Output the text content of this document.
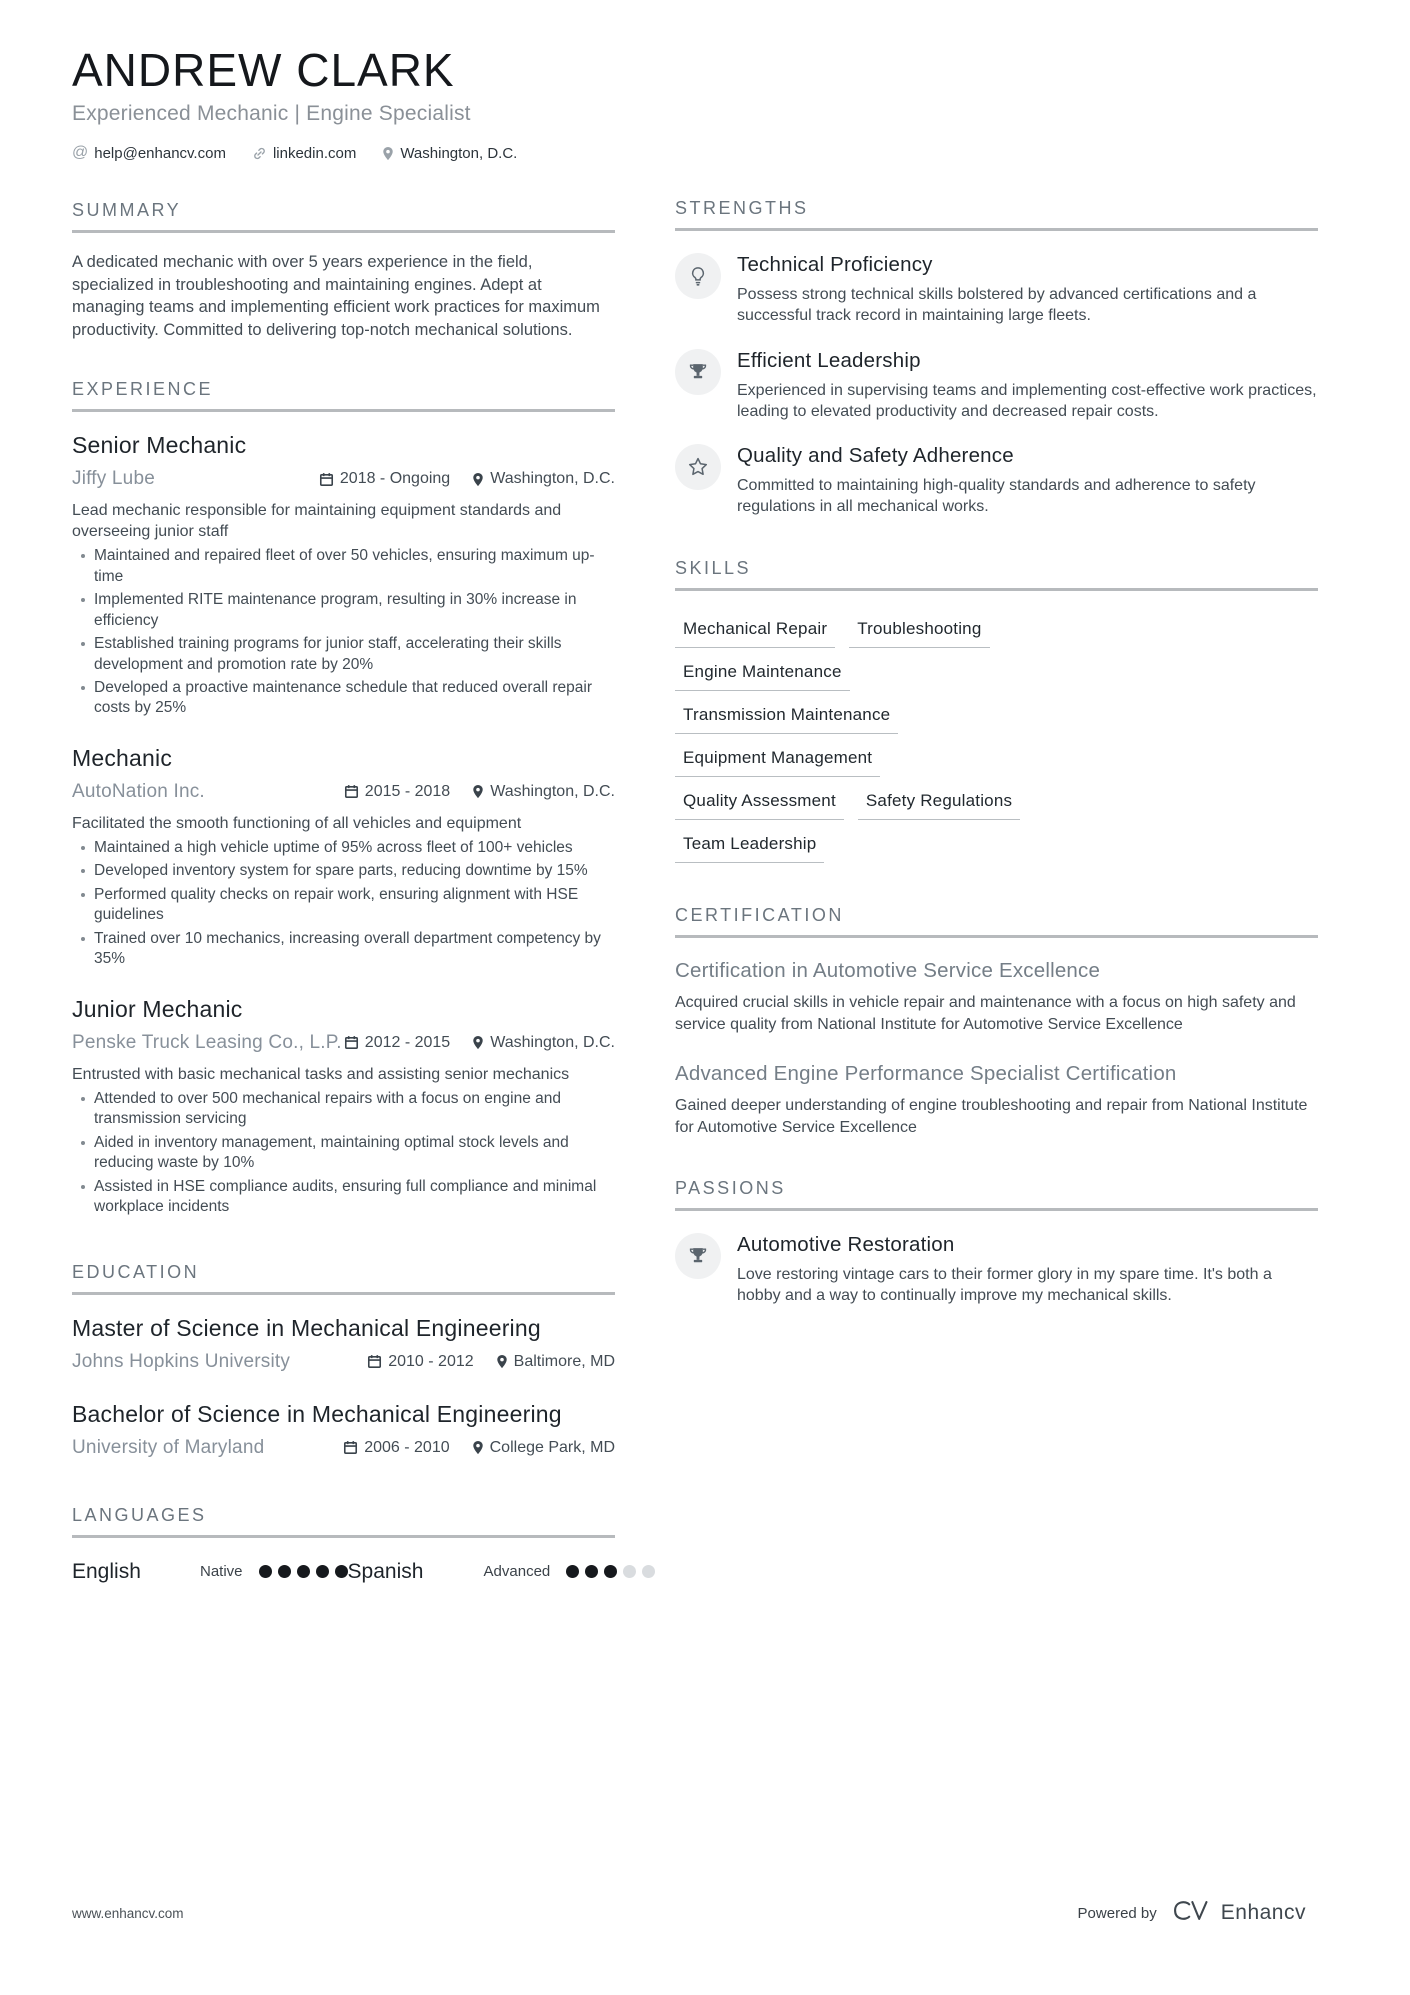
ANDREW CLARK
Experienced Mechanic | Engine Specialist
@ help@enhancv.com	linkedin.com	Washington, D.C.
SUMMARY
A dedicated mechanic with over 5 years experience in the field, specialized in troubleshooting and maintaining engines. Adept at managing teams and implementing efficient work practices for maximum productivity. Committed to delivering top-notch mechanical solutions.
EXPERIENCE
Senior Mechanic
Jiffy Lube	2018 - Ongoing	Washington, D.C.
Lead mechanic responsible for maintaining equipment standards and overseeing junior staff
Maintained and repaired fleet of over 50 vehicles, ensuring maximum up-time
Implemented RITE maintenance program, resulting in 30% increase in efficiency
Established training programs for junior staff, accelerating their skills development and promotion rate by 20%
Developed a proactive maintenance schedule that reduced overall repair costs by 25%
Mechanic
AutoNation Inc.	2015 - 2018	Washington, D.C.
Facilitated the smooth functioning of all vehicles and equipment
Maintained a high vehicle uptime of 95% across fleet of 100+ vehicles
Developed inventory system for spare parts, reducing downtime by 15%
Performed quality checks on repair work, ensuring alignment with HSE guidelines
Trained over 10 mechanics, increasing overall department competency by 35%
Junior Mechanic
Penske Truck Leasing Co., L.P. 2012 - 2015	Washington, D.C.
Entrusted with basic mechanical tasks and assisting senior mechanics
Attended to over 500 mechanical repairs with a focus on engine and transmission servicing
Aided in inventory management, maintaining optimal stock levels and reducing waste by 10%
Assisted in HSE compliance audits, ensuring full compliance and minimal workplace incidents
EDUCATION
Master of Science in Mechanical Engineering
Johns Hopkins University	2010 - 2012	Baltimore, MD
Bachelor of Science in Mechanical Engineering
University of Maryland	2006 - 2010	College Park, MD
LANGUAGES
English	Native	Spanish	Advanced
STRENGTHS
Technical Proficiency
Possess strong technical skills bolstered by advanced certifications and a successful track record in maintaining large fleets.
Efficient Leadership
Experienced in supervising teams and implementing cost-effective work practices, leading to elevated productivity and decreased repair costs.
Quality and Safety Adherence
Committed to maintaining high-quality standards and adherence to safety regulations in all mechanical works.
SKILLS
Mechanical Repair	Troubleshooting
Engine Maintenance
Transmission Maintenance
Equipment Management
Quality Assessment	Safety Regulations
Team Leadership
CERTIFICATION
Certification in Automotive Service Excellence
Acquired crucial skills in vehicle repair and maintenance with a focus on high safety and service quality from National Institute for Automotive Service Excellence
Advanced Engine Performance Specialist Certification
Gained deeper understanding of engine troubleshooting and repair from National Institute for Automotive Service Excellence
PASSIONS
Automotive Restoration
Love restoring vintage cars to their former glory in my spare time. It's both a hobby and a way to continually improve my mechanical skills.
www.enhancv.com	Powered by	Enhancv
